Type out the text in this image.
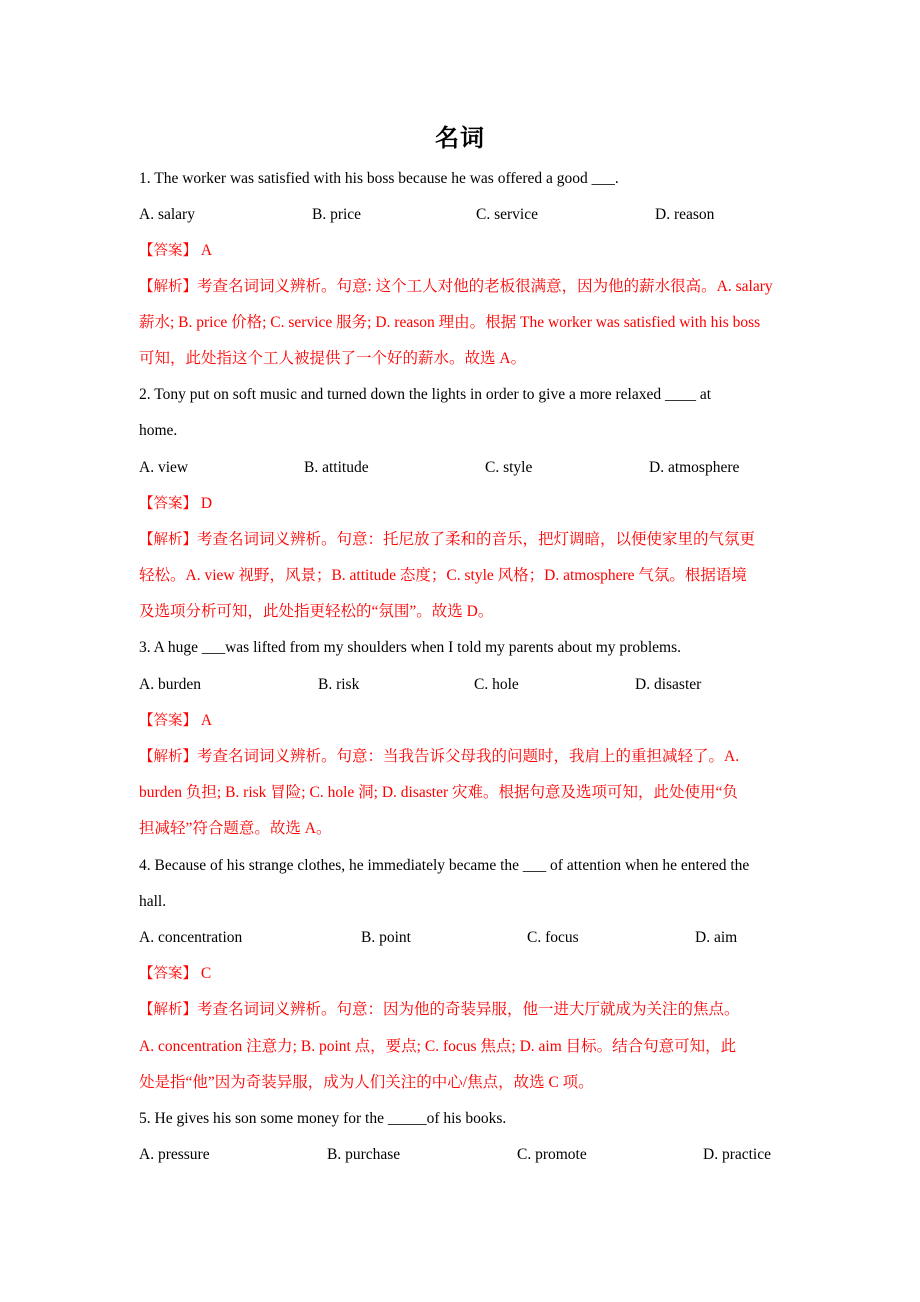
名词
1. The worker was satisfied with his boss because he was offered a good ___.
A. salary	B. price	C. service	D. reason
【答案】 A
【解析】考查名词词义辨析。句意: 这个工人对他的老板很满意，因为他的薪水很高。A. salary
薪水; B. price 价格; C. service 服务; D. reason 理由。根据 The worker was satisfied with his boss
可知，此处指这个工人被提供了一个好的薪水。故选 A。
2. Tony put on soft music and turned down the lights in order to give a more relaxed ____ at
home.
A. view	B. attitude	C. style	D. atmosphere
【答案】 D
【解析】考查名词词义辨析。句意：托尼放了柔和的音乐，把灯调暗，以便使家里的气氛更
轻松。A. view 视野，风景；B. attitude 态度；C. style 风格；D. atmosphere 气氛。根据语境
及选项分析可知，此处指更轻松的“氛围”。故选 D。
3. A huge ___was lifted from my shoulders when I told my parents about my problems.
A. burden	B. risk	C. hole	D. disaster
【答案】 A
【解析】考查名词词义辨析。句意：当我告诉父母我的问题时，我肩上的重担减轻了。A.
burden 负担; B. risk 冒险; C. hole 洞; D. disaster 灾难。根据句意及选项可知，此处使用“负
担减轻”符合题意。故选 A。
4. Because of his strange clothes, he immediately became the ___ of attention when he entered the
hall.
A. concentration	B. point	C. focus	D. aim
【答案】 C
【解析】考查名词词义辨析。句意：因为他的奇装异服，他一进大厅就成为关注的焦点。
A. concentration 注意力; B. point 点，要点; C. focus 焦点; D. aim 目标。结合句意可知，此
处是指“他”因为奇装异服，成为人们关注的中心/焦点，故选 C 项。
5. He gives his son some money for the _____of his books.
A. pressure	B. purchase	C. promote	D. practice
